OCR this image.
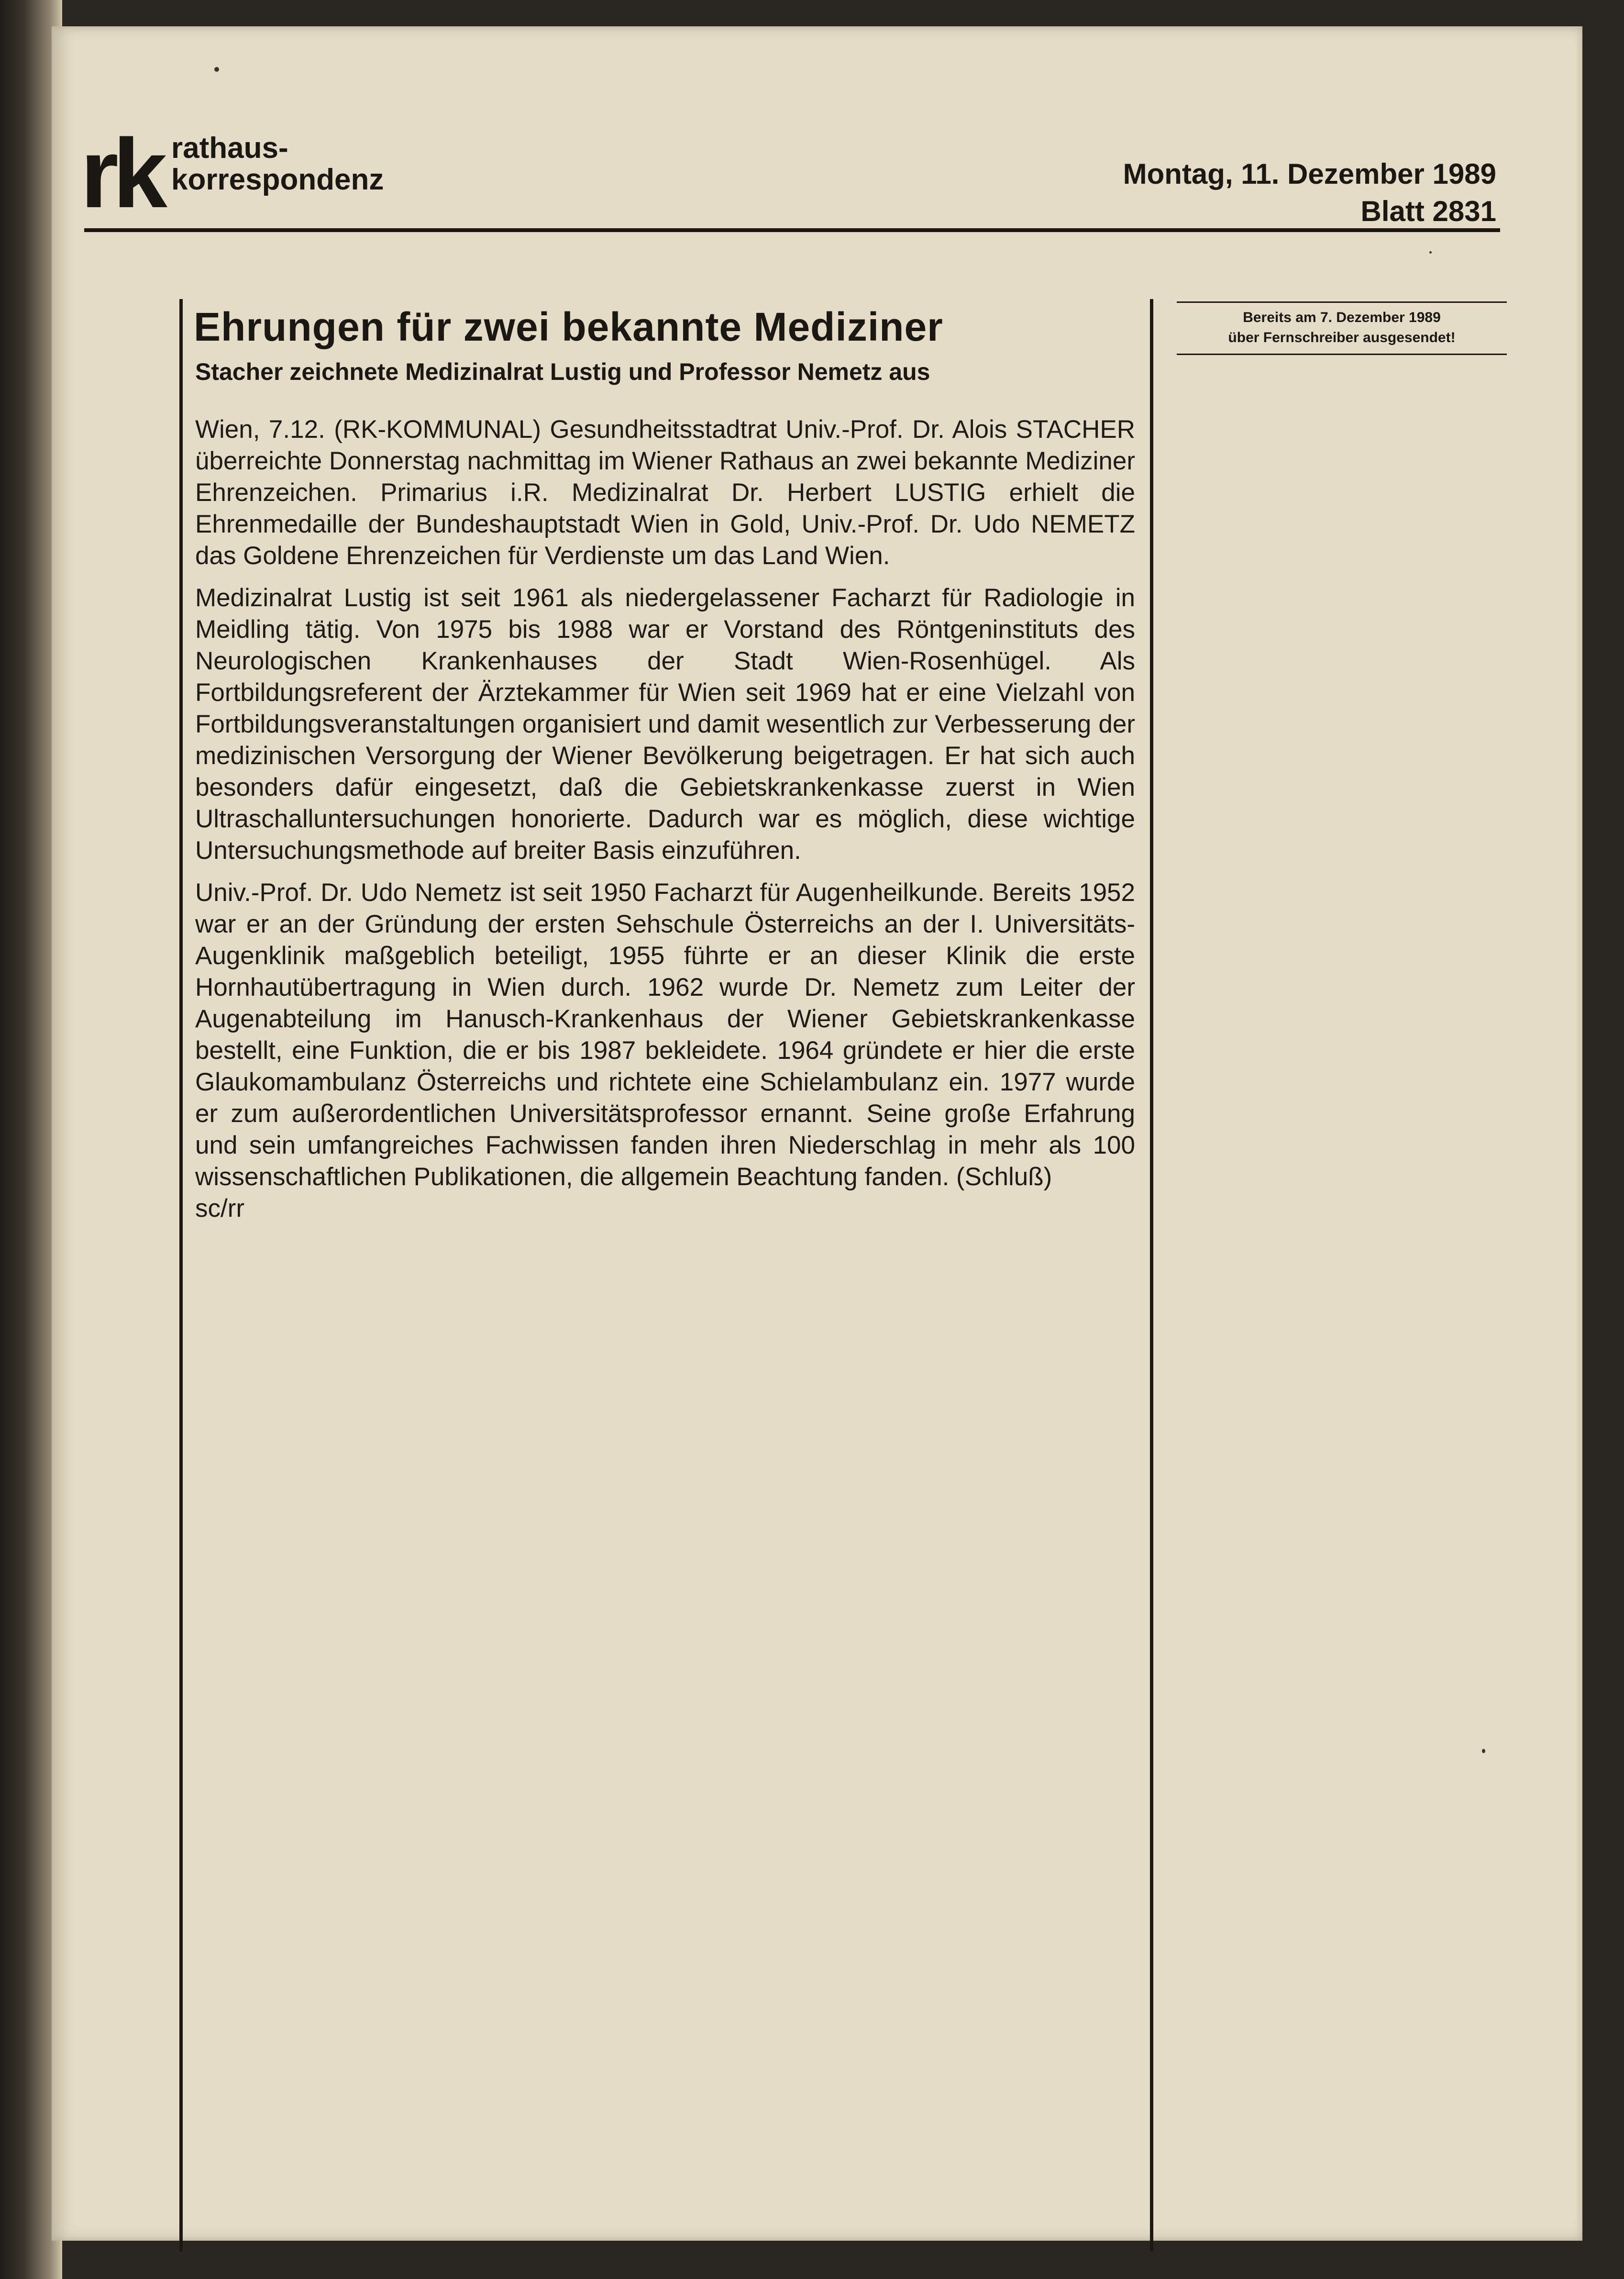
rk rathaus-
korrespondenz	Montag, 11. Dezember 1989
Blatt 2831
Bereits am 7. Dezember 1989
über Fernschreiber ausgesendet!
Ehrungen für zwei bekannte Mediziner
Stacher zeichnete Medizinalrat Lustig und Professor Nemetz aus

Wien, 7.12. (RK-KOMMUNAL) Gesundheitsstadtrat Univ.-Prof. Dr. Alois STACHER überreichte Donnerstag nachmittag im Wiener Rathaus an zwei bekannte Mediziner Ehrenzeichen. Primarius i.R. Medizinalrat Dr. Herbert LUSTIG erhielt die Ehrenmedaille der Bundeshauptstadt Wien in Gold, Univ.-Prof. Dr. Udo NEMETZ das Goldene Ehrenzeichen für Verdienste um das Land Wien.

Medizinalrat Lustig ist seit 1961 als niedergelassener Facharzt für Radiologie in Meidling tätig. Von 1975 bis 1988 war er Vorstand des Röntgeninstituts des Neurologischen Krankenhauses der Stadt Wien-Rosenhügel. Als Fortbildungsreferent der Ärztekammer für Wien seit 1969 hat er eine Vielzahl von Fortbildungsveranstaltungen organisiert und damit wesentlich zur Verbesserung der medizinischen Versorgung der Wiener Bevölkerung beigetragen. Er hat sich auch besonders dafür eingesetzt, daß die Gebietskrankenkasse zuerst in Wien Ultraschalluntersuchungen honorierte. Dadurch war es möglich, diese wichtige Untersuchungsmethode auf breiter Basis einzuführen.

Univ.-Prof. Dr. Udo Nemetz ist seit 1950 Facharzt für Augenheilkunde. Bereits 1952 war er an der Gründung der ersten Sehschule Österreichs an der I. Universitäts-Augenklinik maßgeblich beteiligt, 1955 führte er an dieser Klinik die erste Hornhautübertragung in Wien durch. 1962 wurde Dr. Nemetz zum Leiter der Augenabteilung im Hanusch-Krankenhaus der Wiener Gebietskrankenkasse bestellt, eine Funktion, die er bis 1987 bekleidete. 1964 gründete er hier die erste Glaukomambulanz Österreichs und richtete eine Schielambulanz ein. 1977 wurde er zum außerordentlichen Universitätsprofessor ernannt. Seine große Erfahrung und sein umfangreiches Fachwissen fanden ihren Niederschlag in mehr als 100 wissenschaftlichen Publikationen, die allgemein Beachtung fanden. (Schluß)

sc/rr
